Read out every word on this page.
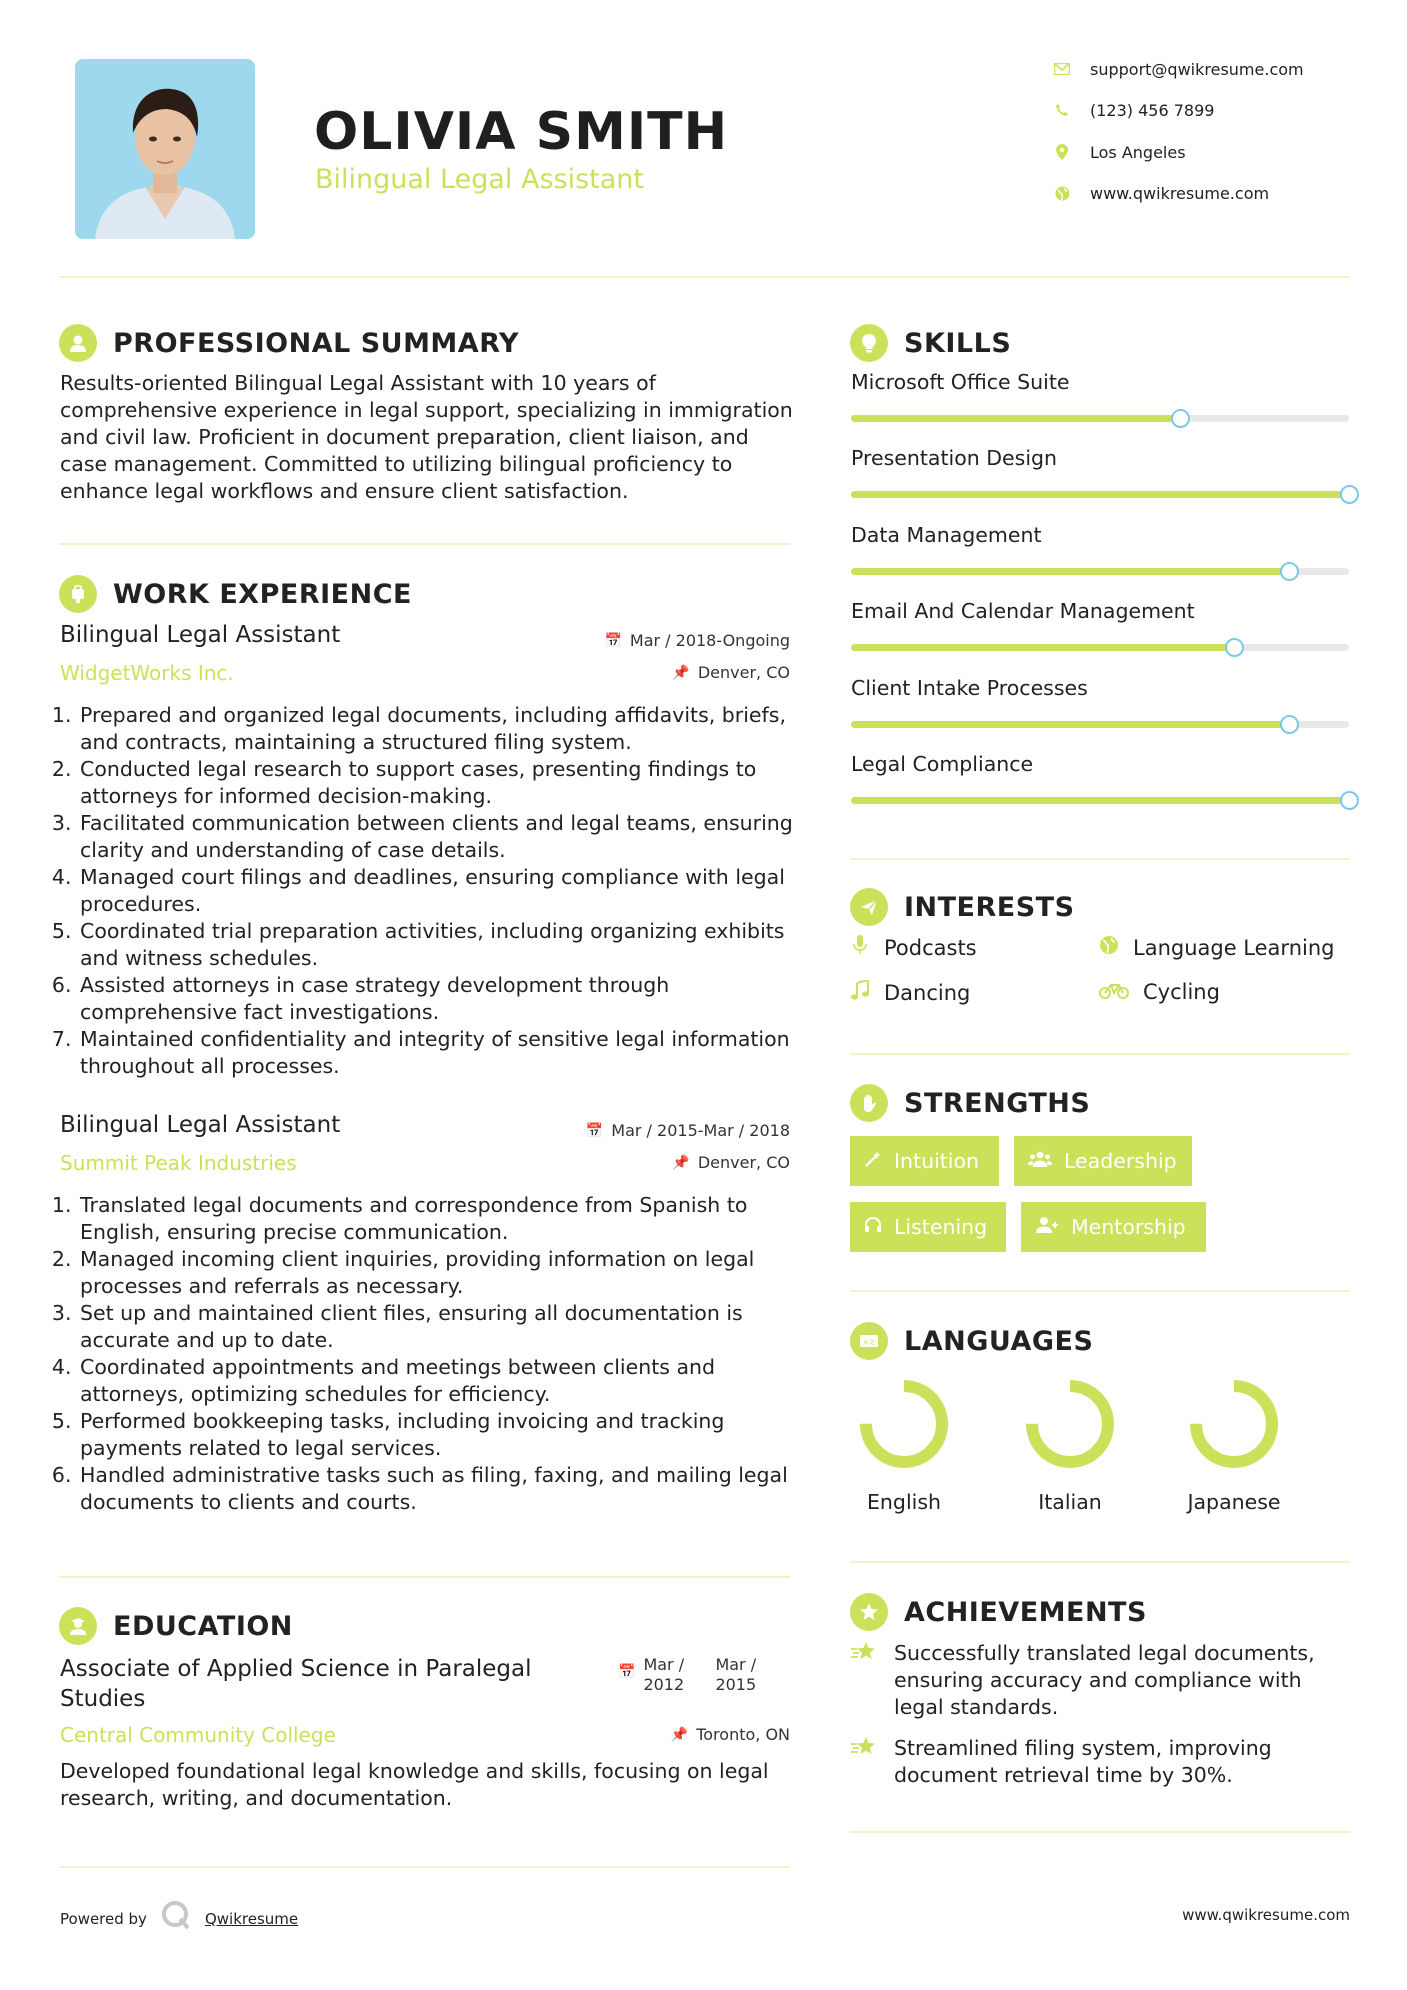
OLIVIA SMITH
Bilingual Legal Assistant
support@qwikresume.com
(123) 456 7899
Los Angeles
www.qwikresume.com
PROFESSIONAL SUMMARY
Results-oriented Bilingual Legal Assistant with 10 years of comprehensive experience in legal support, specializing in immigration and civil law. Proficient in document preparation, client liaison, and case management. Committed to utilizing bilingual proficiency to enhance legal workflows and ensure client satisfaction.
WORK EXPERIENCE
Bilingual Legal Assistant
WidgetWorks Inc.
📅 Mar / 2018-Ongoing
📌 Denver, CO
1. Prepared and organized legal documents, including affidavits, briefs, and contracts, maintaining a structured filing system.
2. Conducted legal research to support cases, presenting findings to attorneys for informed decision-making.
3. Facilitated communication between clients and legal teams, ensuring clarity and understanding of case details.
4. Managed court filings and deadlines, ensuring compliance with legal procedures.
5. Coordinated trial preparation activities, including organizing exhibits and witness schedules.
6. Assisted attorneys in case strategy development through comprehensive fact investigations.
7. Maintained confidentiality and integrity of sensitive legal information throughout all processes.
Bilingual Legal Assistant
Summit Peak Industries
📅 Mar / 2015-Mar / 2018
📌 Denver, CO
1. Translated legal documents and correspondence from Spanish to English, ensuring precise communication.
2. Managed incoming client inquiries, providing information on legal processes and referrals as necessary.
3. Set up and maintained client files, ensuring all documentation is accurate and up to date.
4. Coordinated appointments and meetings between clients and attorneys, optimizing schedules for efficiency.
5. Performed bookkeeping tasks, including invoicing and tracking payments related to legal services.
6. Handled administrative tasks such as filing, faxing, and mailing legal documents to clients and courts.
EDUCATION
Associate of Applied Science in Paralegal Studies
📅 Mar / 2012
Mar / 2015
Central Community College	📌 Toronto, ON
Developed foundational legal knowledge and skills, focusing on legal research, writing, and documentation.
SKILLS
Microsoft Office Suite
Presentation Design
Data Management
Email And Calendar Management
Client Intake Processes
Legal Compliance
INTERESTS
Podcasts	Language Learning
Dancing	Cycling
STRENGTHS
Intuition	Leadership
Listening	Mentorship
A文 LANGUAGES
English	Italian	Japanese
ACHIEVEMENTS
Successfully translated legal documents, ensuring accuracy and compliance with legal standards.
Streamlined filing system, improving document retrieval time by 30%.
Powered by	Qwikresume	www.qwikresume.com
